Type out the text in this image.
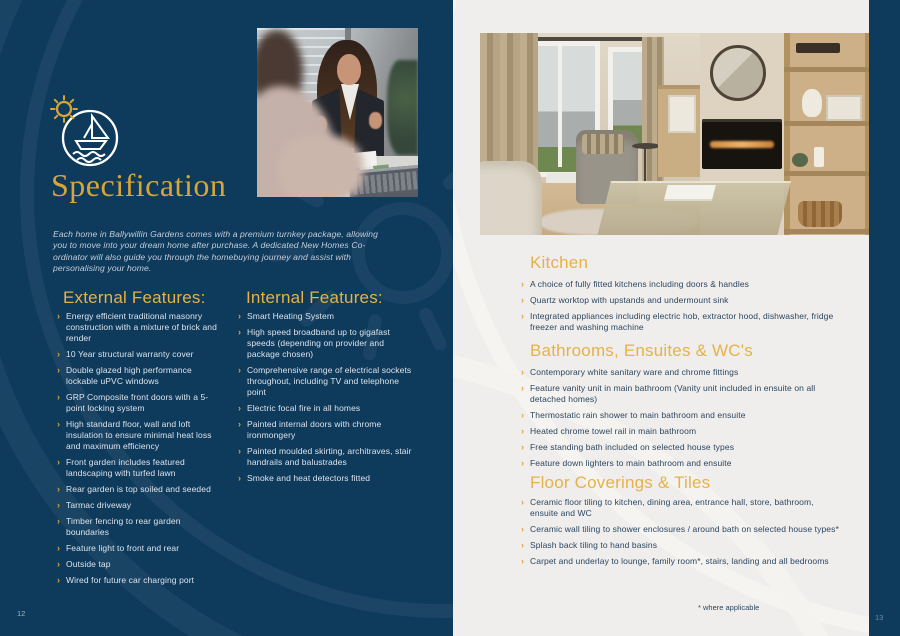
Specification

Each home in Ballywillin Gardens comes with a premium turnkey package, allowing you to move into your dream home after purchase. A dedicated New Homes Co-ordinator will also guide you through the homebuying journey and assist with personalising your home.

External Features:
› Energy efficient traditional masonry construction with a mixture of brick and render
› 10 Year structural warranty cover
› Double glazed high performance lockable uPVC windows
› GRP Composite front doors with a 5-point locking system
› High standard floor, wall and loft insulation to ensure minimal heat loss and maximum efficiency
› Front garden includes featured landscaping with turfed lawn
› Rear garden is top soiled and seeded
› Tarmac driveway
› Timber fencing to rear garden boundaries
› Feature light to front and rear
› Outside tap
› Wired for future car charging port
Internal Features:
› Smart Heating System
› High speed broadband up to gigafast speeds (depending on provider and package chosen)
› Comprehensive range of electrical sockets throughout, including TV and telephone point
› Electric focal fire in all homes
› Painted internal doors with chrome ironmongery
› Painted moulded skirting, architraves, stair handrails and balustrades
› Smoke and heat detectors fitted
12
Kitchen
› A choice of fully fitted kitchens including doors & handles
› Quartz worktop with upstands and undermount sink
› Integrated appliances including electric hob, extractor hood, dishwasher, fridge freezer and washing machine
Bathrooms, Ensuites & WC's
› Contemporary white sanitary ware and chrome fittings
› Feature vanity unit in main bathroom (Vanity unit included in ensuite on all detached homes)
› Thermostatic rain shower to main bathroom and ensuite
› Heated chrome towel rail in main bathroom
› Free standing bath included on selected house types
› Feature down lighters to main bathroom and ensuite
Floor Coverings & Tiles
› Ceramic floor tiling to kitchen, dining area, entrance hall, store, bathroom, ensuite and WC
› Ceramic wall tiling to shower enclosures / around bath on selected house types*
› Splash back tiling to hand basins
› Carpet and underlay to lounge, family room*, stairs, landing and all bedrooms
* where applicable
13
